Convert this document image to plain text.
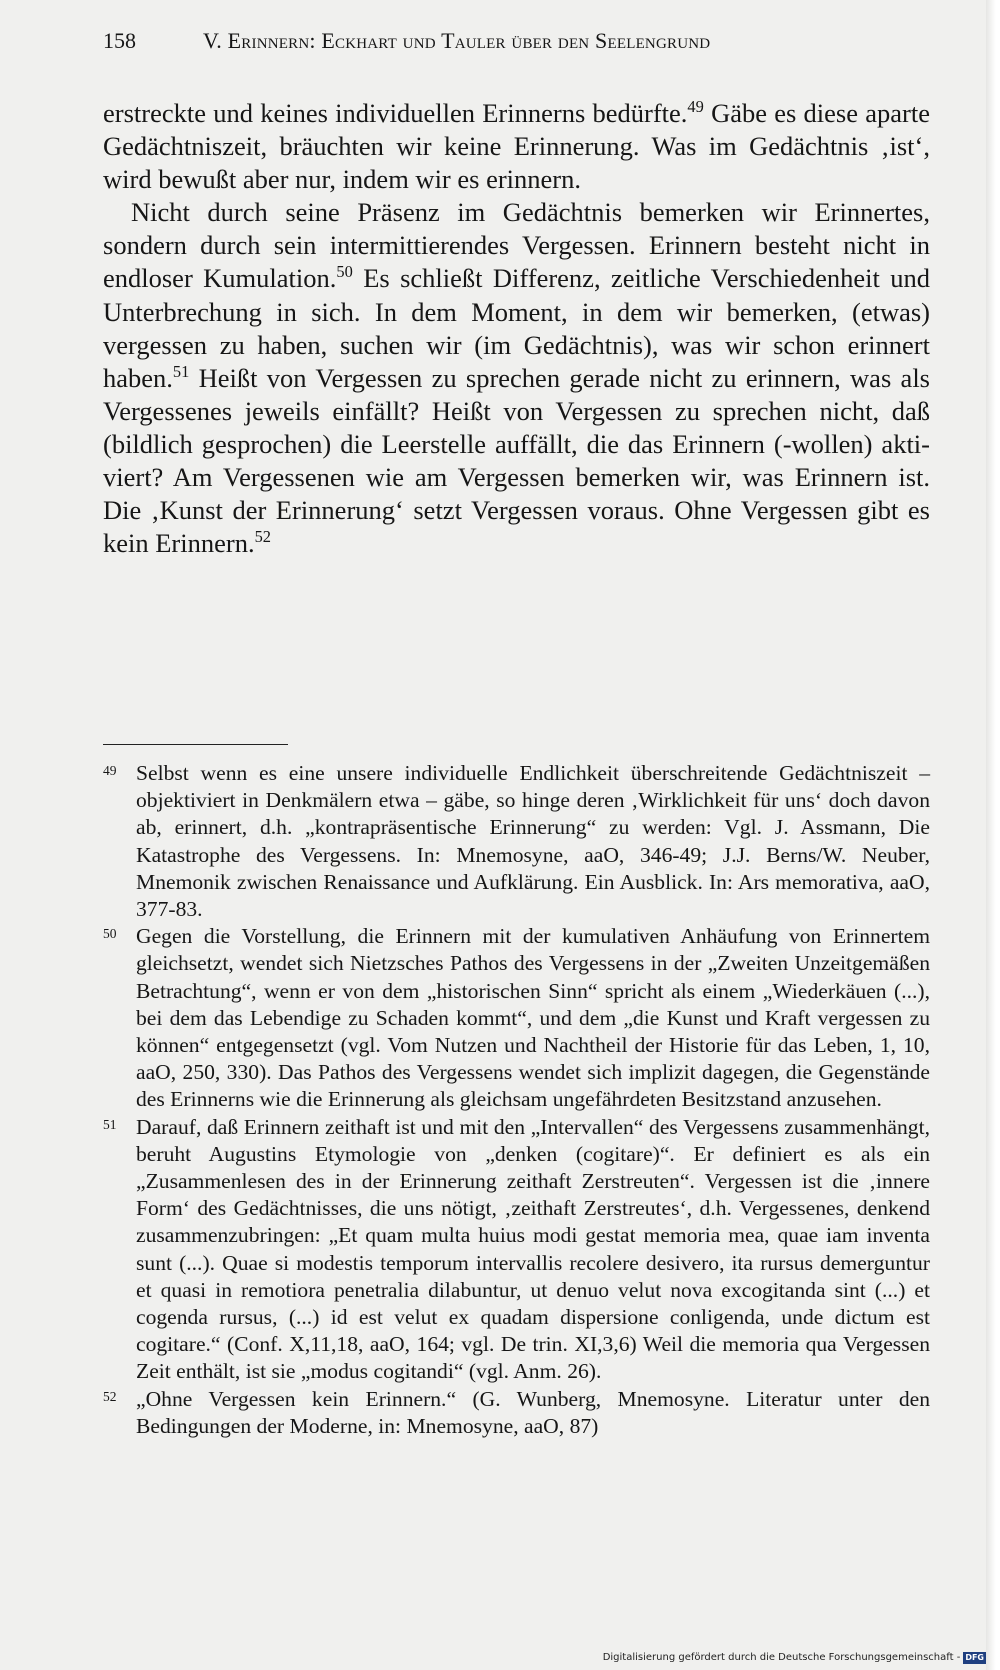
158	V. Erinnern: Eckhart und Tauler über den Seelengrund

erstreckte und keines individuellen Erinnerns bedürfte.$^{49}$ Gäbe es diese aparte Gedächtniszeit, bräuchten wir keine Erinnerung. Was im Gedächtnis ‚ist‘, wird bewußt aber nur, indem wir es erinnern.

Nicht durch seine Präsenz im Gedächtnis bemerken wir Erinnertes, sondern durch sein intermittierendes Vergessen. Erinnern besteht nicht in endloser Kumulation.$^{50}$ Es schließt Differenz, zeitliche Verschiedenheit und Unterbrechung in sich. In dem Moment, in dem wir bemerken, (etwas) vergessen zu haben, suchen wir (im Gedächtnis), was wir schon erinnert haben.$^{51}$ Heißt von Vergessen zu sprechen gerade nicht zu erinnern, was als Vergessenes jeweils einfällt? Heißt von Vergessen zu sprechen nicht, daß (bildlich gesprochen) die Leerstelle auffällt, die das Erinnern (-wollen) aktiviert? Am Vergessenen wie am Vergessen bemerken wir, was Erinnern ist. Die ‚Kunst der Erinnerung‘ setzt Vergessen voraus. Ohne Vergessen gibt es kein Erinnern.$^{52}$

49 Selbst wenn es eine unsere individuelle Endlichkeit überschreitende Gedächtniszeit – objektiviert in Denkmälern etwa – gäbe, so hinge deren ‚Wirklichkeit für uns‘ doch davon ab, erinnert, d.h. „kontrapräsentische Erinnerung“ zu werden: Vgl. J. Assmann, Die Katastrophe des Vergessens. In: Mnemosyne, aaO, 346-49; J.J. Berns/W. Neuber, Mnemonik zwischen Renaissance und Aufklärung. Ein Ausblick. In: Ars memorativa, aaO, 377-83.
50 Gegen die Vorstellung, die Erinnern mit der kumulativen Anhäufung von Erinnertem gleichsetzt, wendet sich Nietzsches Pathos des Vergessens in der „Zweiten Unzeitgemäßen Betrachtung“, wenn er von dem „historischen Sinn“ spricht als einem „Wiederkäuen (...), bei dem das Lebendige zu Schaden kommt“, und dem „die Kunst und Kraft vergessen zu können“ entgegensetzt (vgl. Vom Nutzen und Nachtheil der Historie für das Leben, 1, 10, aaO, 250, 330). Das Pathos des Vergessens wendet sich implizit dagegen, die Gegenstände des Erinnerns wie die Erinnerung als gleichsam ungefährdeten Besitzstand anzusehen.
51 Darauf, daß Erinnern zeithaft ist und mit den „Intervallen“ des Vergessens zusammenhängt, beruht Augustins Etymologie von „denken (cogitare)“. Er definiert es als ein „Zusammenlesen des in der Erinnerung zeithaft Zerstreuten“. Vergessen ist die ‚innere Form‘ des Gedächtnisses, die uns nötigt, ‚zeithaft Zerstreutes‘, d.h. Vergessenes, denkend zusammenzubringen: „Et quam multa huius modi gestat memoria mea, quae iam inventa sunt (...). Quae si modestis temporum intervallis recolere desivero, ita rursus demerguntur et quasi in remotiora penetralia dilabuntur, ut denuo velut nova excogitanda sint (...) et cogenda rursus, (...) id est velut ex quadam dispersione conligenda, unde dictum est cogitare.“ (Conf. X,11,18, aaO, 164; vgl. De trin. XI,3,6) Weil die memoria qua Vergessen Zeit enthält, ist sie „modus cogitandi“ (vgl. Anm. 26).
52 „Ohne Vergessen kein Erinnern.“ (G. Wunberg, Mnemosyne. Literatur unter den Bedingungen der Moderne, in: Mnemosyne, aaO, 87)
Digitalisierung gefördert durch die Deutsche Forschungsgemeinschaft - DFG
